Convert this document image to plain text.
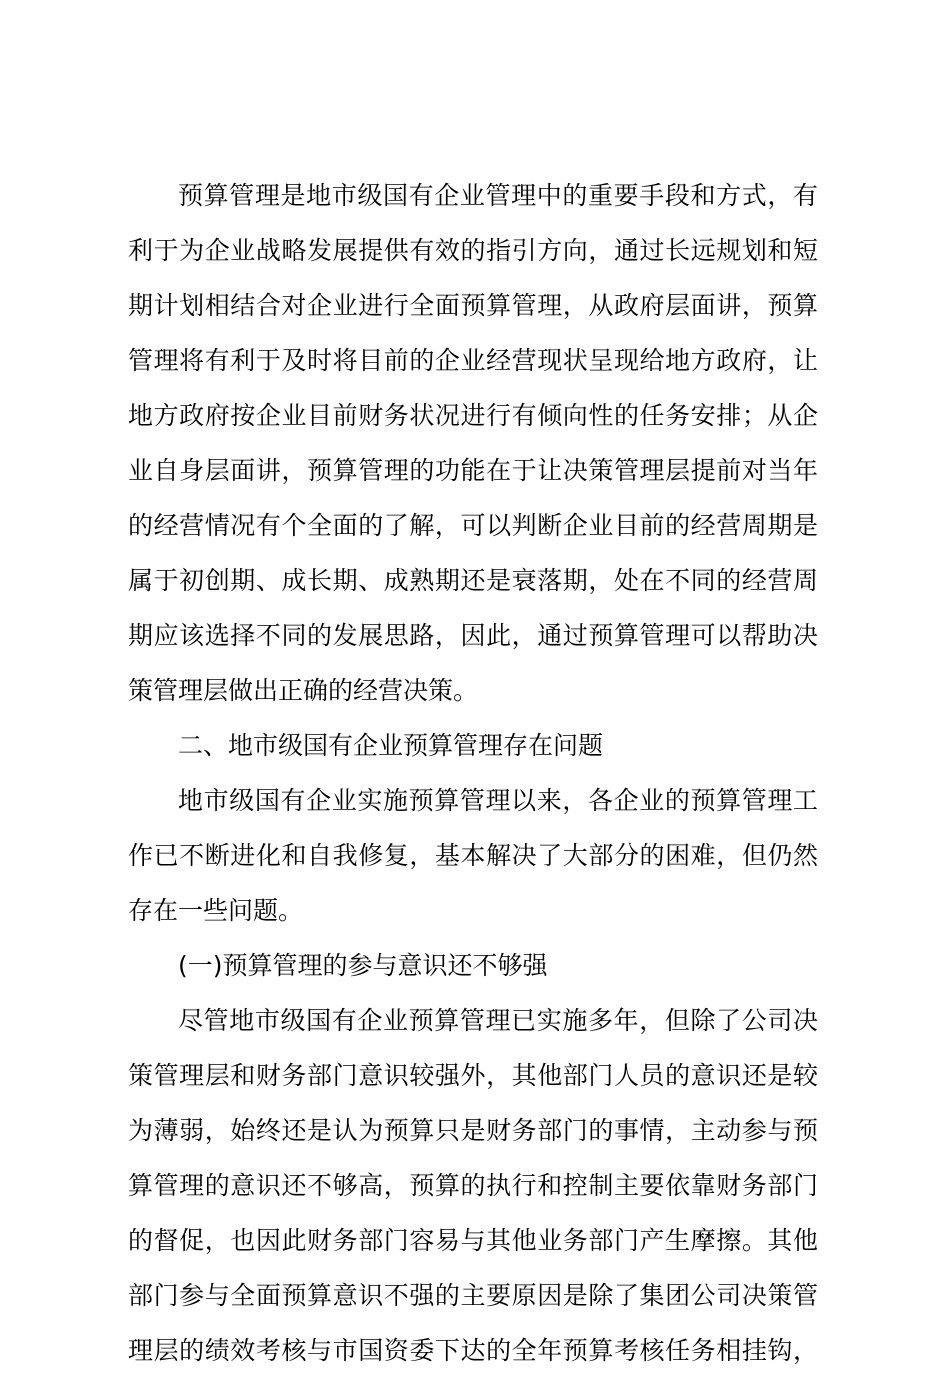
预算管理是地市级国有企业管理中的重要手段和方式，有
利于为企业战略发展提供有效的指引方向，通过长远规划和短
期计划相结合对企业进行全面预算管理，从政府层面讲，预算
管理将有利于及时将目前的企业经营现状呈现给地方政府，让
地方政府按企业目前财务状况进行有倾向性的任务安排；从企
业自身层面讲，预算管理的功能在于让决策管理层提前对当年
的经营情况有个全面的了解，可以判断企业目前的经营周期是
属于初创期、成长期、成熟期还是衰落期，处在不同的经营周
期应该选择不同的发展思路，因此，通过预算管理可以帮助决
策管理层做出正确的经营决策。
二、地市级国有企业预算管理存在问题
地市级国有企业实施预算管理以来，各企业的预算管理工
作已不断进化和自我修复，基本解决了大部分的困难，但仍然
存在一些问题。
(一)预算管理的参与意识还不够强
尽管地市级国有企业预算管理已实施多年，但除了公司决
策管理层和财务部门意识较强外，其他部门人员的意识还是较
为薄弱，始终还是认为预算只是财务部门的事情，主动参与预
算管理的意识还不够高，预算的执行和控制主要依靠财务部门
的督促，也因此财务部门容易与其他业务部门产生摩擦。其他
部门参与全面预算意识不强的主要原因是除了集团公司决策管
理层的绩效考核与市国资委下达的全年预算考核任务相挂钩，
